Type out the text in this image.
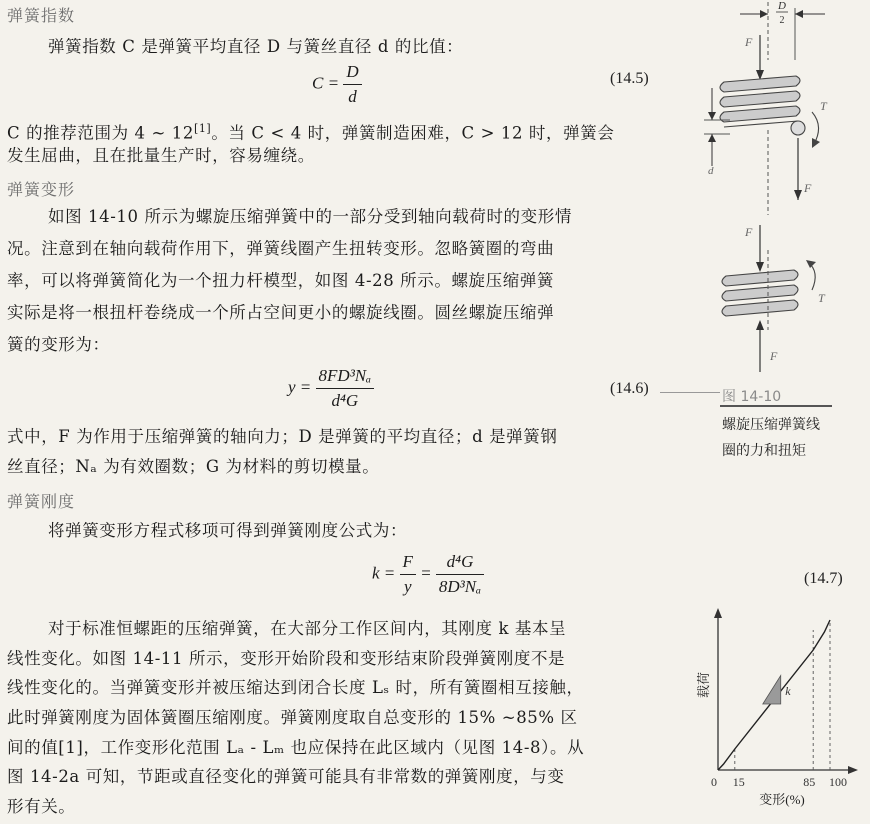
弹簧指数
弹簧指数 C 是弹簧平均直径 D 与簧丝直径 d 的比值：
$C = \frac{D}{d}$	(14.5)
C 的推荐范围为 4 ~ 12[1]。当 C < 4 时，弹簧制造困难，C > 12 时，弹簧会
发生屈曲，且在批量生产时，容易缠绕。
弹簧变形
如图 14-10 所示为螺旋压缩弹簧中的一部分受到轴向载荷时的变形情
况。注意到在轴向载荷作用下，弹簧线圈产生扭转变形。忽略簧圈的弯曲
率，可以将弹簧简化为一个扭力杆模型，如图 4-28 所示。螺旋压缩弹簧
实际是将一根扭杆卷绕成一个所占空间更小的螺旋线圈。圆丝螺旋压缩弹
簧的变形为：
$y = \frac{\text{8FD³Nₐ}}{\text{d⁴G}}$	(14.6)
式中，F 为作用于压缩弹簧的轴向力；D 是弹簧的平均直径；d 是弹簧钢
丝直径；Nₐ 为有效圈数；G 为材料的剪切模量。
弹簧刚度
将弹簧变形方程式移项可得到弹簧刚度公式为：
$k = \frac{F}{y} = \frac{\text{d⁴G}}{\text{8D³Nₐ}}$	(14.7)
对于标准恒螺距的压缩弹簧，在大部分工作区间内，其刚度 k 基本呈
线性变化。如图 14-11 所示，变形开始阶段和变形结束阶段弹簧刚度不是
线性变化的。当弹簧变形并被压缩达到闭合长度 Lₛ 时，所有簧圈相互接触，
此时弹簧刚度为固体簧圈压缩刚度。弹簧刚度取自总变形的 15% ~85% 区
间的值[1]，工作变形化范围 Lₐ - Lₘ 也应保持在此区域内（见图 14-8）。从
图 14-2a 可知，节距或直径变化的弹簧可能具有非常数的弹簧刚度，与变
形有关。
D
2
F
d
T
F
F
T
F
图 14-10
螺旋压缩弹簧线圈的力和扭矩
k
0 15	85 100
变形(%)
载荷
